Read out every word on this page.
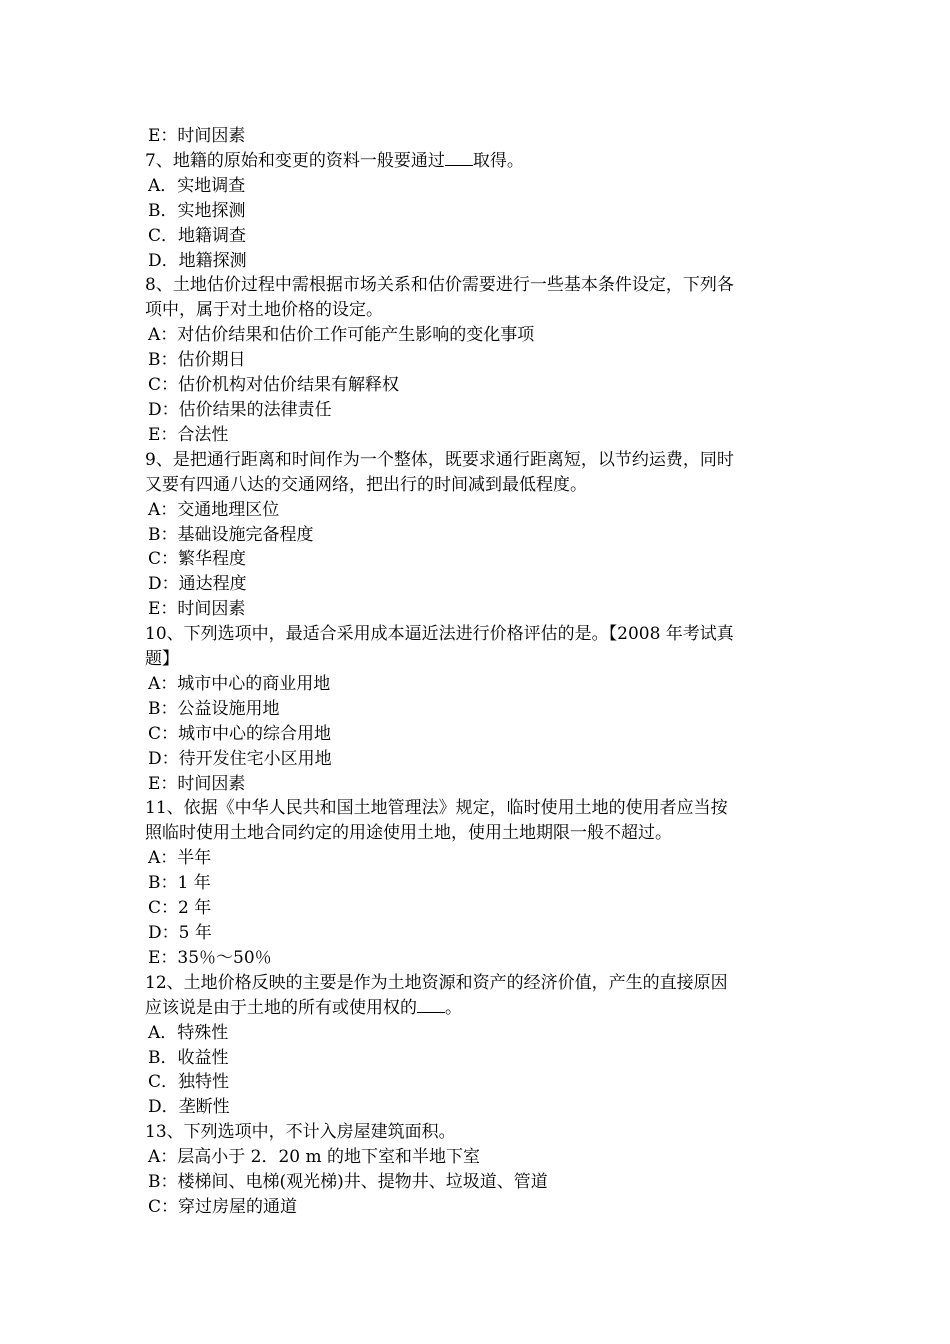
E：时间因素
7、地籍的原始和变更的资料一般要通过 取得。
A．实地调查
B．实地探测
C．地籍调查
D．地籍探测
8、土地估价过程中需根据市场关系和估价需要进行一些基本条件设定，下列各
项中，属于对土地价格的设定。
A：对估价结果和估价工作可能产生影响的变化事项
B：估价期日
C：估价机构对估价结果有解释权
D：估价结果的法律责任
E：合法性
9、是把通行距离和时间作为一个整体，既要求通行距离短，以节约运费，同时
又要有四通八达的交通网络，把出行的时间减到最低程度。
A：交通地理区位
B：基础设施完备程度
C：繁华程度
D：通达程度
E：时间因素
10、下列选项中，最适合采用成本逼近法进行价格评估的是。【2008 年考试真
题】
A：城市中心的商业用地
B：公益设施用地
C：城市中心的综合用地
D：待开发住宅小区用地
E：时间因素
11、依据《中华人民共和国土地管理法》规定，临时使用土地的使用者应当按
照临时使用土地合同约定的用途使用土地，使用土地期限一般不超过。
A：半年
B：1 年
C：2 年
D：5 年
E：35％～50％
12、土地价格反映的主要是作为土地资源和资产的经济价值，产生的直接原因
应该说是由于土地的所有或使用权的 。
A．特殊性
B．收益性
C．独特性
D．垄断性
13、下列选项中，不计入房屋建筑面积。
A：层高小于 2．20 m 的地下室和半地下室
B：楼梯间、电梯(观光梯)井、提物井、垃圾道、管道
C：穿过房屋的通道
